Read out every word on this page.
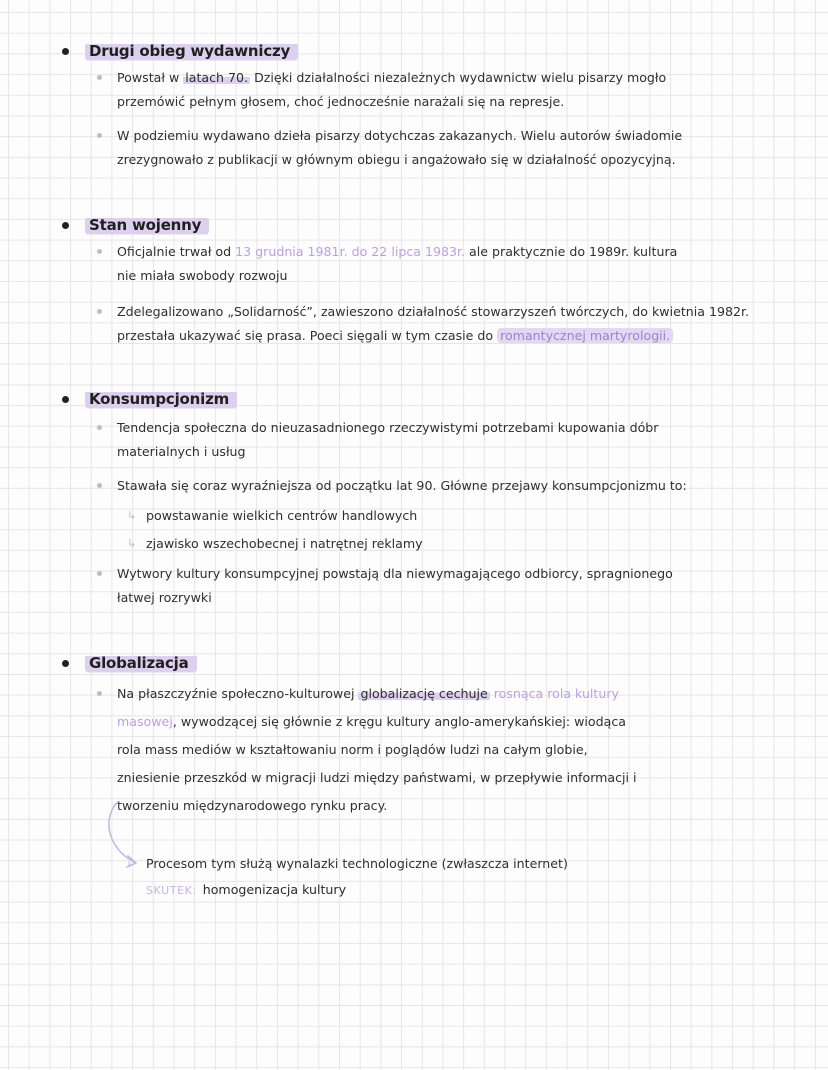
Drugi obieg wydawniczy
Powstał w latach 70. Dzięki działalności niezależnych wydawnictw wielu pisarzy mogło
przemówić pełnym głosem, choć jednocześnie narażali się na represje.
W podziemiu wydawano dzieła pisarzy dotychczas zakazanych. Wielu autorów świadomie
zrezygnowało z publikacji w głównym obiegu i angażowało się w działalność opozycyjną.
Stan wojenny
Oficjalnie trwał od 13 grudnia 1981r. do 22 lipca 1983r. ale praktycznie do 1989r. kultura
nie miała swobody rozwoju
Zdelegalizowano „Solidarność”, zawieszono działalność stowarzyszeń twórczych, do kwietnia 1982r.
przestała ukazywać się prasa. Poeci sięgali w tym czasie do romantycznej martyrologii.
Konsumpcjonizm
Tendencja społeczna do nieuzasadnionego rzeczywistymi potrzebami kupowania dóbr
materialnych i usług
Stawała się coraz wyraźniejsza od początku lat 90. Główne przejawy konsumpcjonizmu to:
↳ powstawanie wielkich centrów handlowych
↳ zjawisko wszechobecnej i natrętnej reklamy
Wytwory kultury konsumpcyjnej powstają dla niewymagającego odbiorcy, spragnionego
łatwej rozrywki
Globalizacja
Na płaszczyźnie społeczno-kulturowej globalizację cechuje rosnąca rola kultury
masowej, wywodzącej się głównie z kręgu kultury anglo-amerykańskiej: wiodąca
rola mass mediów w kształtowaniu norm i poglądów ludzi na całym globie,
zniesienie przeszkód w migracji ludzi między państwami, w przepływie informacji i
tworzeniu międzynarodowego rynku pracy.
› Procesom tym służą wynalazki technologiczne (zwłaszcza internet)
SKUTEK: homogenizacja kultury
